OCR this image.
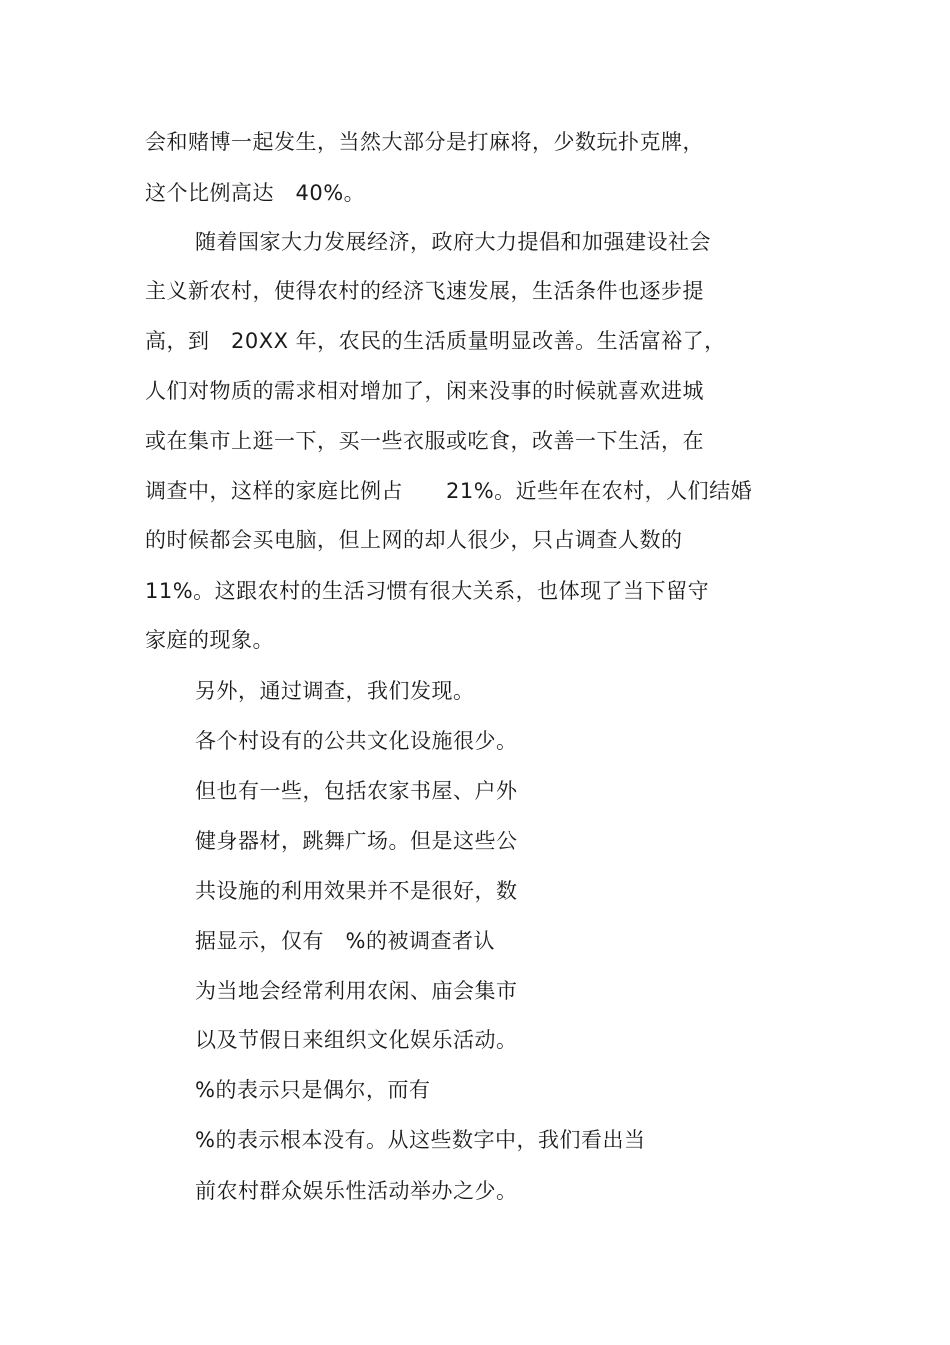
会和赌博一起发生，当然大部分是打麻将，少数玩扑克牌，
这个比例高达　40%。
随着国家大力发展经济，政府大力提倡和加强建设社会
主义新农村，使得农村的经济飞速发展，生活条件也逐步提
高，到　20XX 年，农民的生活质量明显改善。生活富裕了，
人们对物质的需求相对增加了，闲来没事的时候就喜欢进城
或在集市上逛一下，买一些衣服或吃食，改善一下生活，在
调查中，这样的家庭比例占　　21%。近些年在农村，人们结婚
的时候都会买电脑，但上网的却人很少，只占调查人数的
11%。这跟农村的生活习惯有很大关系，也体现了当下留守
家庭的现象。
另外，通过调查，我们发现。
各个村设有的公共文化设施很少。
但也有一些，包括农家书屋、户外
健身器材，跳舞广场。但是这些公
共设施的利用效果并不是很好，数
据显示，仅有　%的被调查者认
为当地会经常利用农闲、庙会集市
以及节假日来组织文化娱乐活动。
%的表示只是偶尔，而有
%的表示根本没有。从这些数字中，我们看出当
前农村群众娱乐性活动举办之少。
